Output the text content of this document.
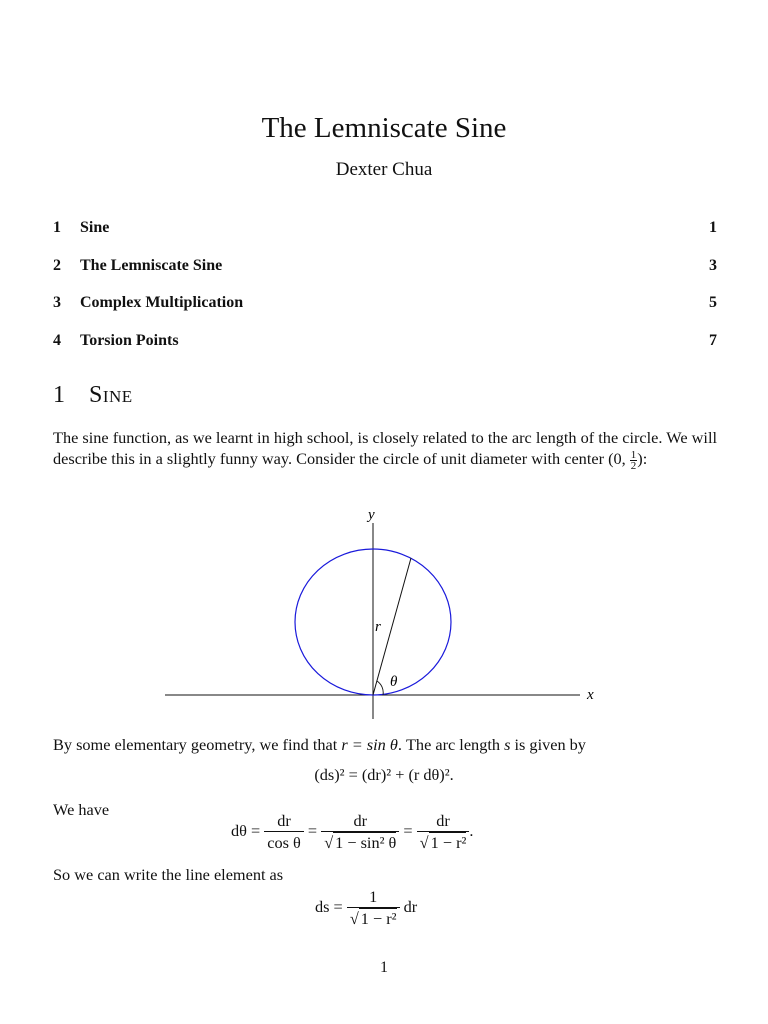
The Lemniscate Sine
Dexter Chua
1 Sine	1
2 The Lemniscate Sine	3
3 Complex Multiplication	5
4 Torsion Points	7
1 Sine
The sine function, as we learnt in high school, is closely related to the arc length of the circle. We will describe this in a slightly funny way. Consider the circle of unit diameter with center (0, $\frac{1}{2}$ ):
y
x
r
θ
By some elementary geometry, we find that r = sin θ. The arc length s is given by
(ds)² = (dr)² + (r dθ)².
We have
$d\theta = \frac{dr}{\text{cos θ}} = \frac{dr}{\text{√ 1 − sin² θ}} = \frac{dr}{\text{√ 1 − r²}}$ .
So we can write the line element as
ds = $\frac{1}{\text{√ 1 − r²}}$ dr
1
